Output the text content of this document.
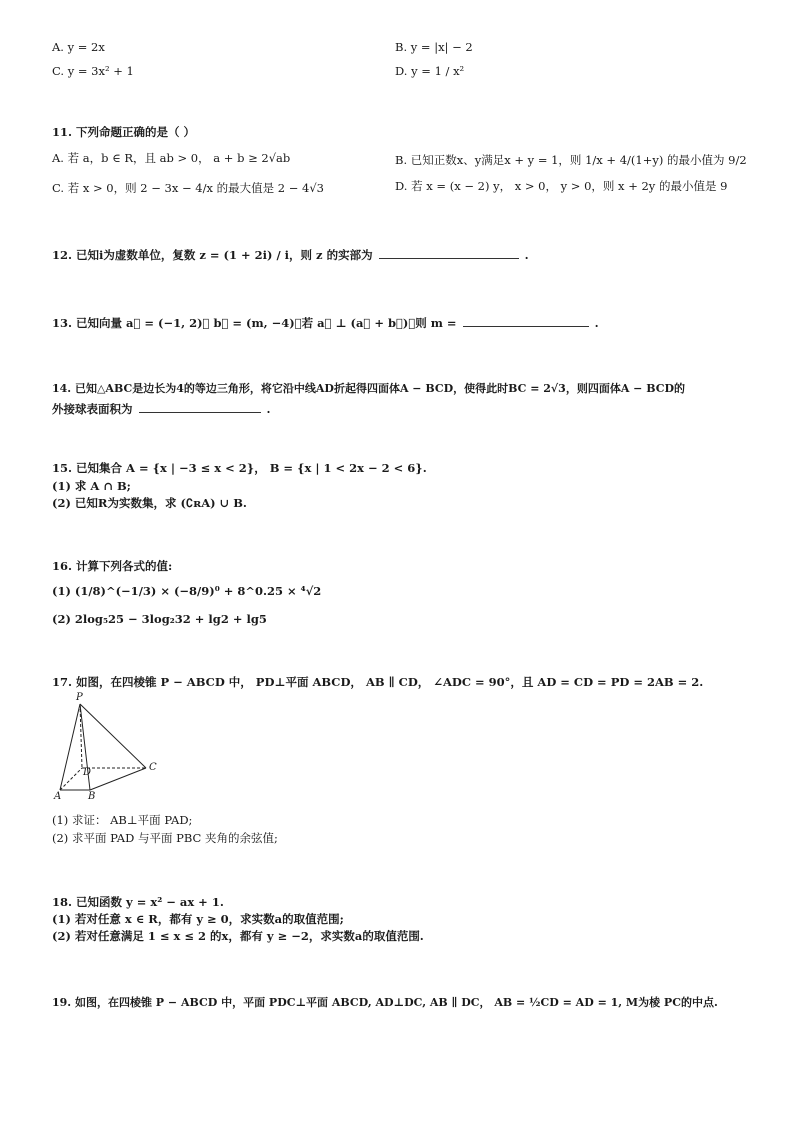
A. y = 2x	B. y = |x| − 2
C. y = 3x² + 1	D. y = 1 / x²
11. 下列命题正确的是（ ）
A. 若 a，b ∈ R，且 ab > 0， a + b ≥ 2√ab	B. 已知正数x、y满足x + y = 1，则 1/x + 4/(1+y) 的最小值为 9/2
C. 若 x > 0，则 2 − 3x − 4/x 的最大值是 2 − 4√3	D. 若 x = (x − 2) y， x > 0， y > 0，则 x + 2y 的最小值是 9
12. 已知i为虚数单位，复数 z = (1 + 2i) / i，则 z 的实部为	.
13. 已知向量 a⃗ = (−1, 2)， b⃗ = (m, −4)．若 a⃗ ⊥ (a⃗ + b⃗)，则 m =	.
14. 已知△ABC是边长为4的等边三角形，将它沿中线AD折起得四面体A − BCD，使得此时BC = 2√3，则四面体A − BCD的
外接球表面积为	.
15. 已知集合 A = {x | −3 ≤ x < 2}， B = {x | 1 < 2x − 2 < 6}.
(1) 求 A ∩ B;
(2) 已知R为实数集，求 (∁ʀA) ∪ B.
16. 计算下列各式的值:
(1) (1/8)^(−1/3) × (−8/9)⁰ + 8^0.25 × ⁴√2
(2) 2log₅25 − 3log₂32 + lg2 + lg5
17. 如图，在四棱锥 P − ABCD 中， PD⊥平面 ABCD， AB ∥ CD， ∠ADC = 90°，且 AD = CD = PD = 2AB = 2.
P
D	C
A	B
(1) 求证： AB⊥平面 PAD;
(2) 求平面 PAD 与平面 PBC 夹角的余弦值;
18. 已知函数 y = x² − ax + 1.
(1) 若对任意 x ∈ R，都有 y ≥ 0，求实数a的取值范围;
(2) 若对任意满足 1 ≤ x ≤ 2 的x，都有 y ≥ −2，求实数a的取值范围.
19. 如图，在四棱锥 P − ABCD 中，平面 PDC⊥平面 ABCD, AD⊥DC, AB ∥ DC， AB = ½CD = AD = 1, M为棱 PC的中点.
